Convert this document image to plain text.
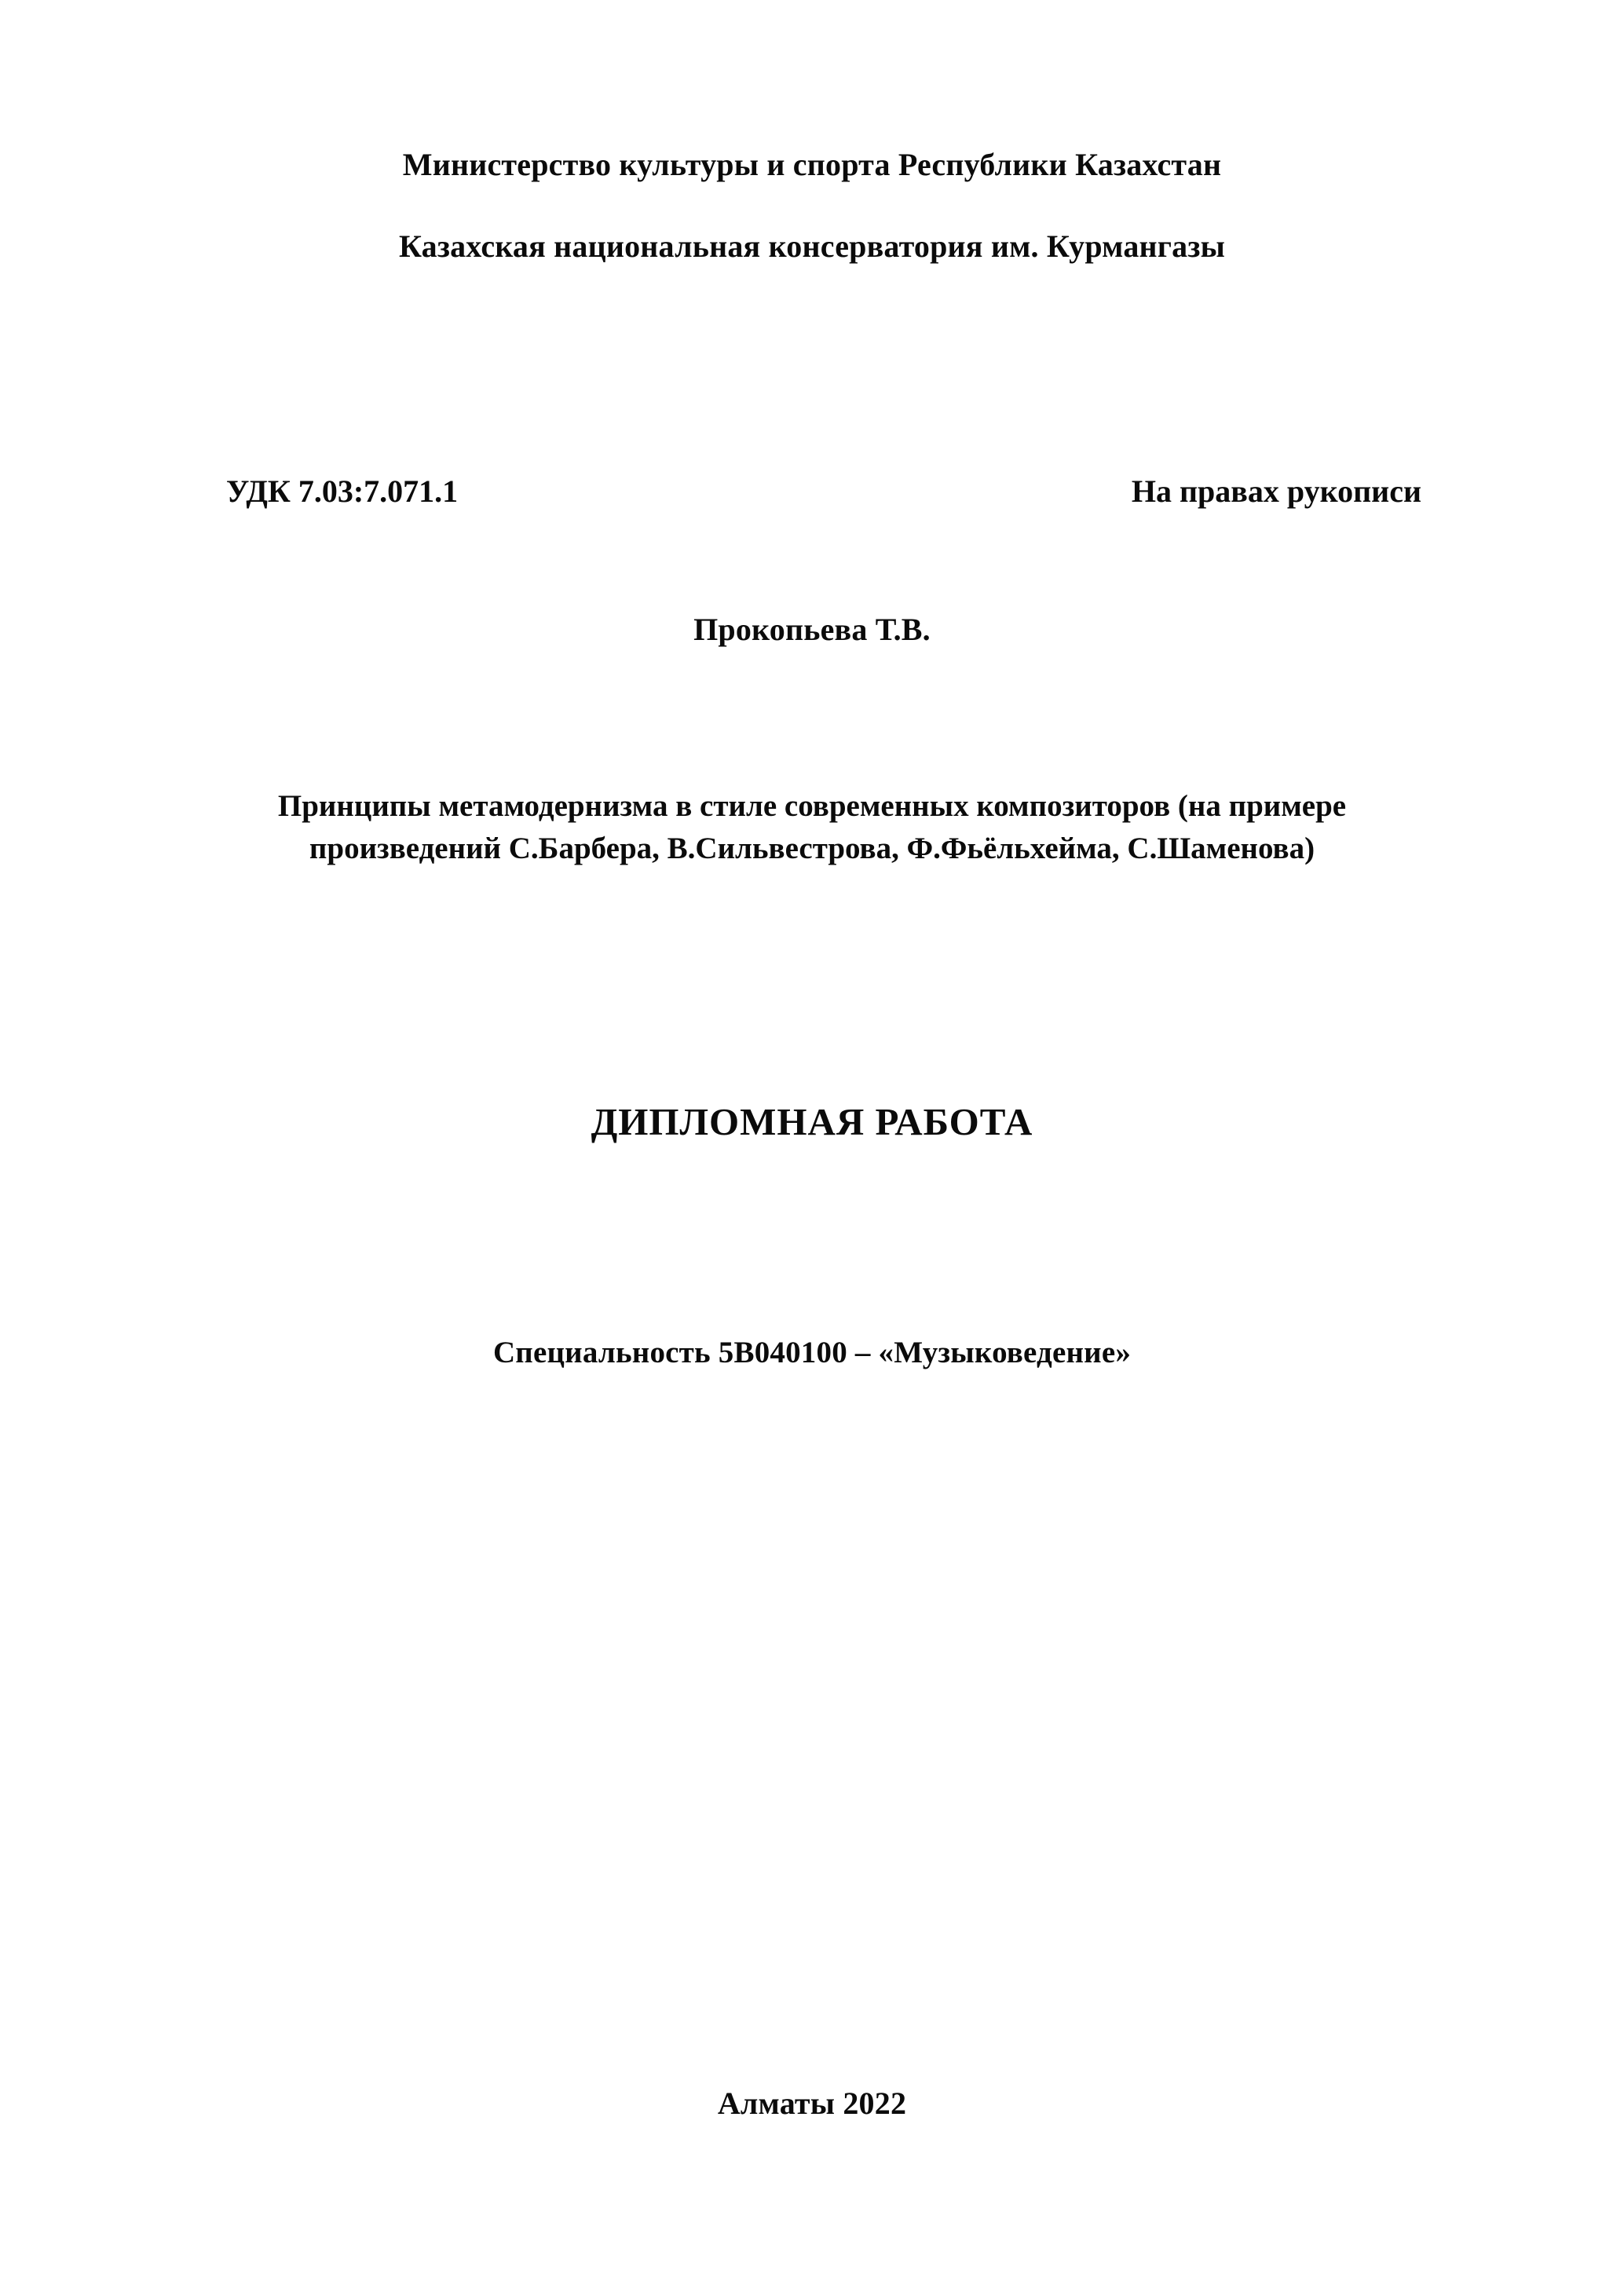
Министерство культуры и спорта Республики Казахстан
Казахская национальная консерватория им. Курмангазы
УДК 7.03:7.071.1	На правах рукописи
Прокопьева Т.В.
Принципы метамодернизма в стиле современных композиторов (на примере произведений С.Барбера, В.Сильвестрова, Ф.Фьёльхейма, С.Шаменова)
ДИПЛОМНАЯ РАБОТА
Специальность 5В040100 – «Музыковедение»
Алматы 2022
